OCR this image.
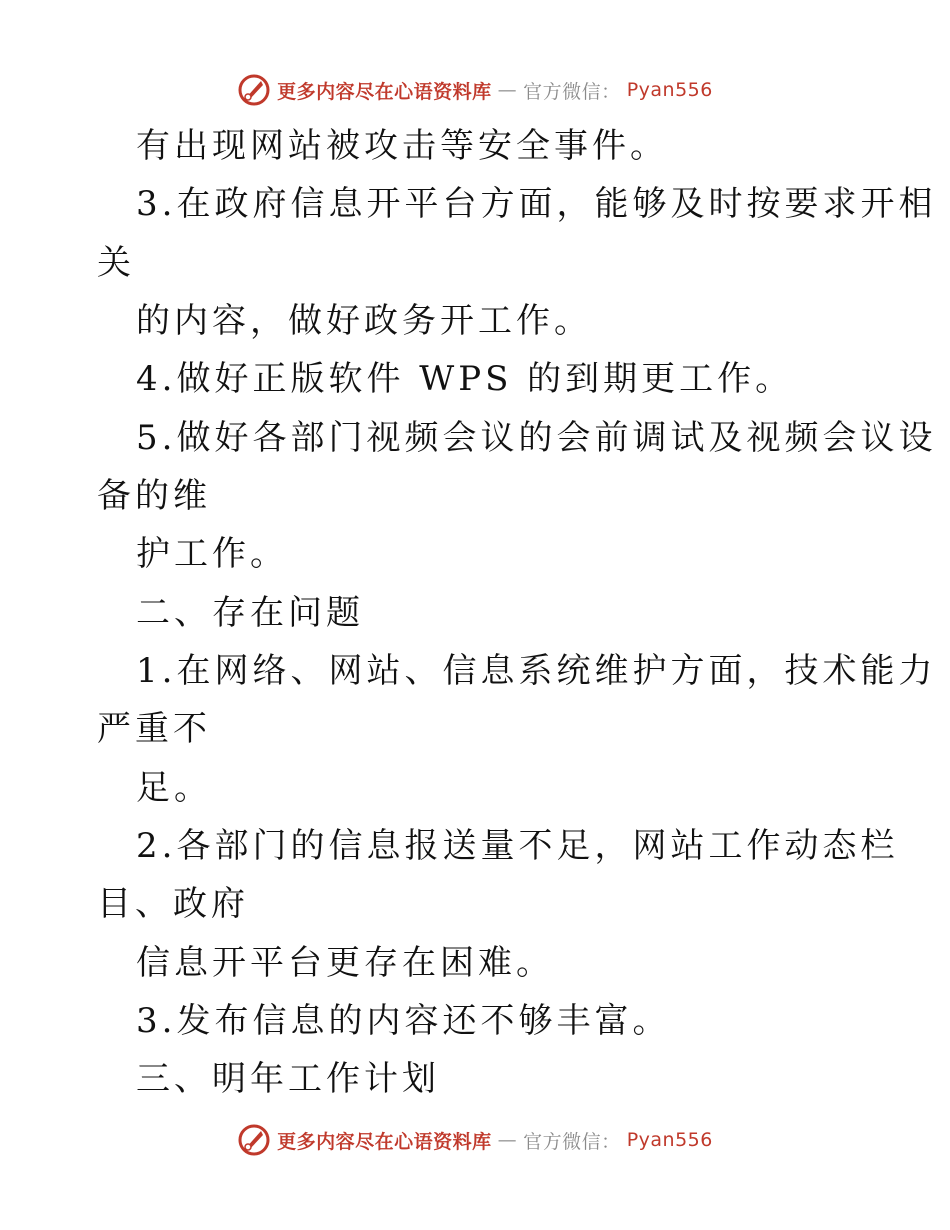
更多内容尽在心语资料库 — 官方微信： Pyan556
有出现网站被攻击等安全事件。
3.在政府信息开平台方面，能够及时按要求开相
关
的内容，做好政务开工作。
4.做好正版软件 WPS 的到期更工作。
5.做好各部门视频会议的会前调试及视频会议设
备的维
护工作。
二、存在问题
1.在网络、网站、信息系统维护方面，技术能力
严重不
足。
2.各部门的信息报送量不足，网站工作动态栏
目、政府
信息开平台更存在困难。
3.发布信息的内容还不够丰富。
三、明年工作计划
更多内容尽在心语资料库 — 官方微信： Pyan556
